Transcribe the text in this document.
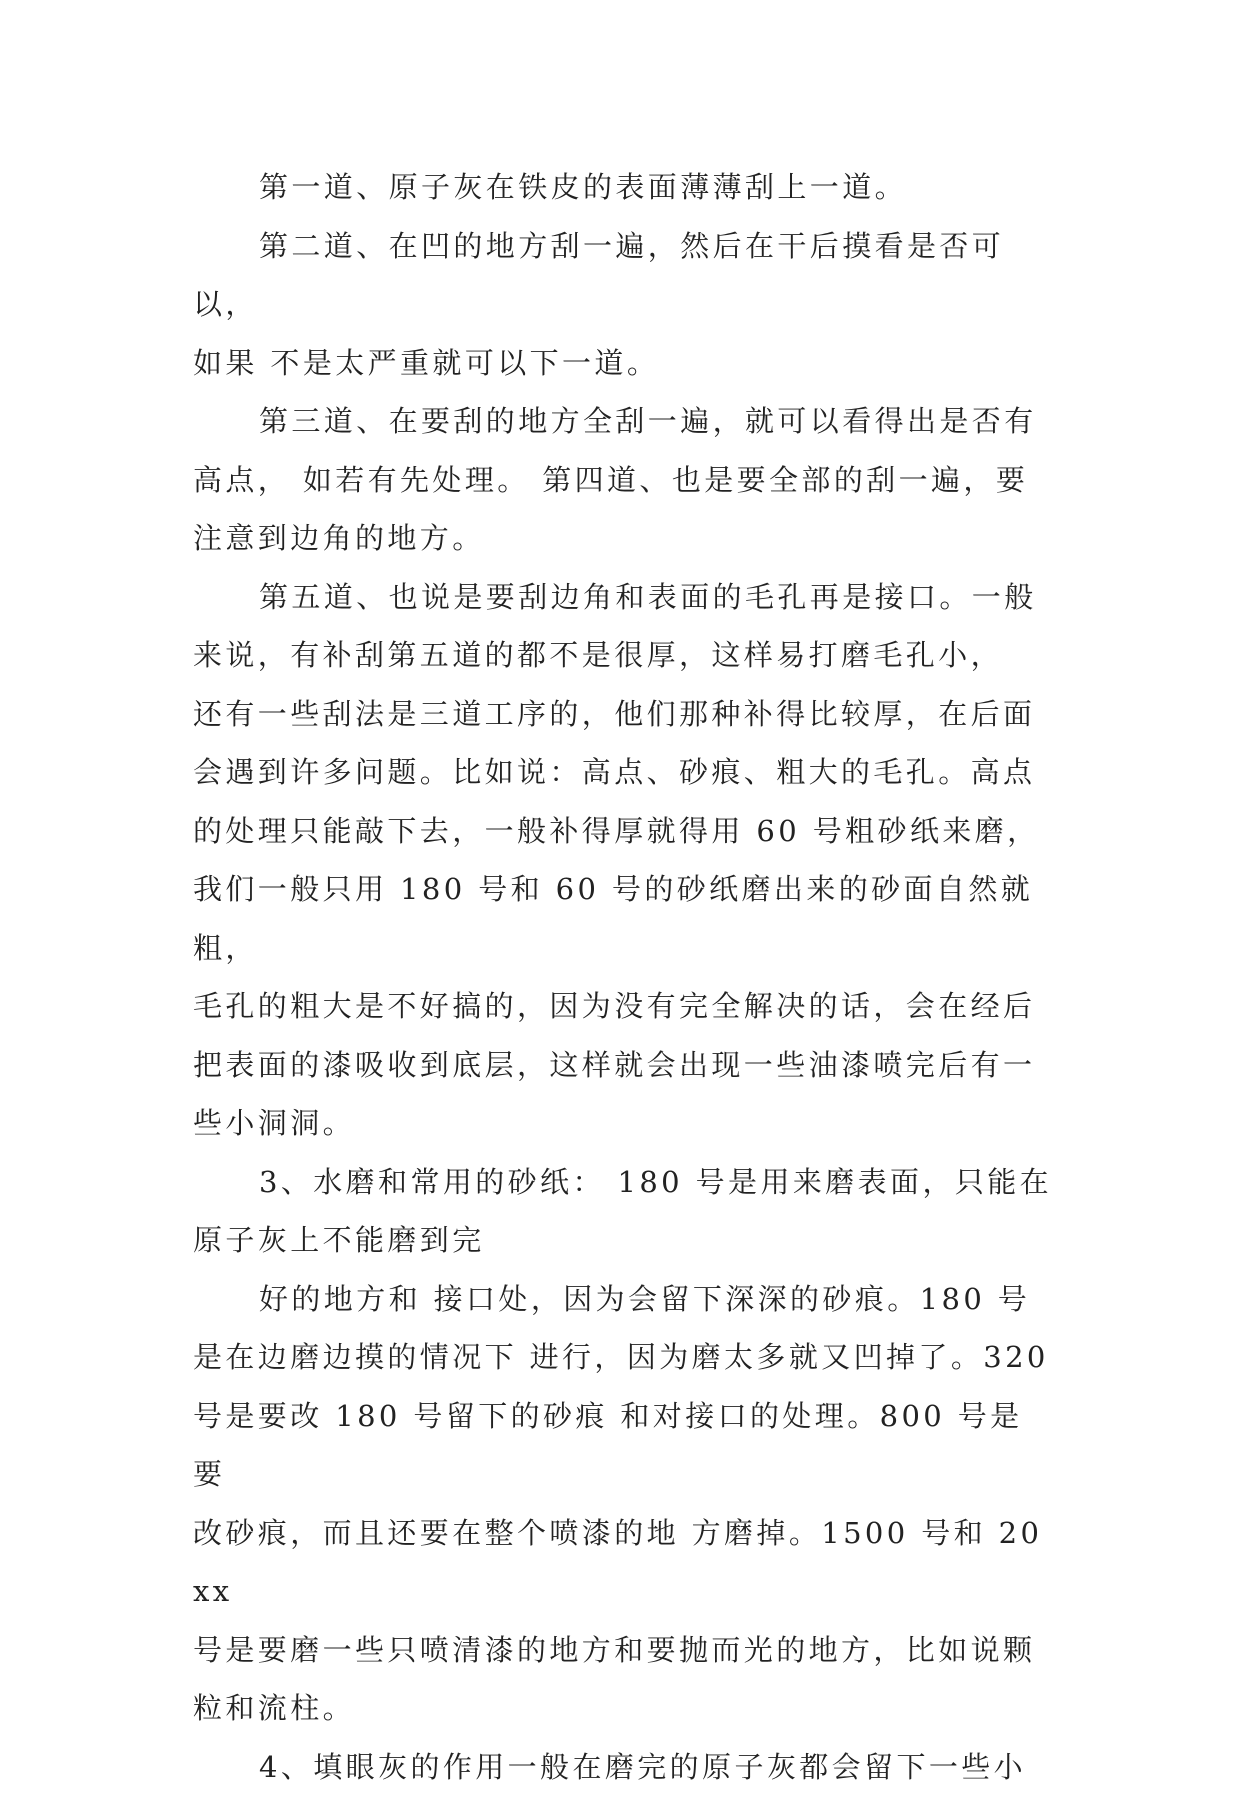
第一道、原子灰在铁皮的表面薄薄刮上一道。

第二道、在凹的地方刮一遍，然后在干后摸看是否可以，
如果 不是太严重就可以下一道。

第三道、在要刮的地方全刮一遍，就可以看得出是否有
高点， 如若有先处理。 第四道、也是要全部的刮一遍，要
注意到边角的地方。

第五道、也说是要刮边角和表面的毛孔再是接口。一般
来说，有补刮第五道的都不是很厚，这样易打磨毛孔小，
还有一些刮法是三道工序的，他们那种补得比较厚，在后面
会遇到许多问题。比如说：高点、砂痕、粗大的毛孔。高点
的处理只能敲下去，一般补得厚就得用 60 号粗砂纸来磨，
我们一般只用 180 号和 60 号的砂纸磨出来的砂面自然就粗，
毛孔的粗大是不好搞的，因为没有完全解决的话，会在经后
把表面的漆吸收到底层，这样就会出现一些油漆喷完后有一
些小洞洞。

3、水磨和常用的砂纸： 180 号是用来磨表面，只能在
原子灰上不能磨到完

好的地方和 接口处，因为会留下深深的砂痕。180 号
是在边磨边摸的情况下 进行，因为磨太多就又凹掉了。320
号是要改 180 号留下的砂痕 和对接口的处理。800 号是要
改砂痕，而且还要在整个喷漆的地 方磨掉。1500 号和 20xx
号是要磨一些只喷清漆的地方和要抛而光的地方，比如说颗
粒和流柱。

4、填眼灰的作用一般在磨完的原子灰都会留下一些小
